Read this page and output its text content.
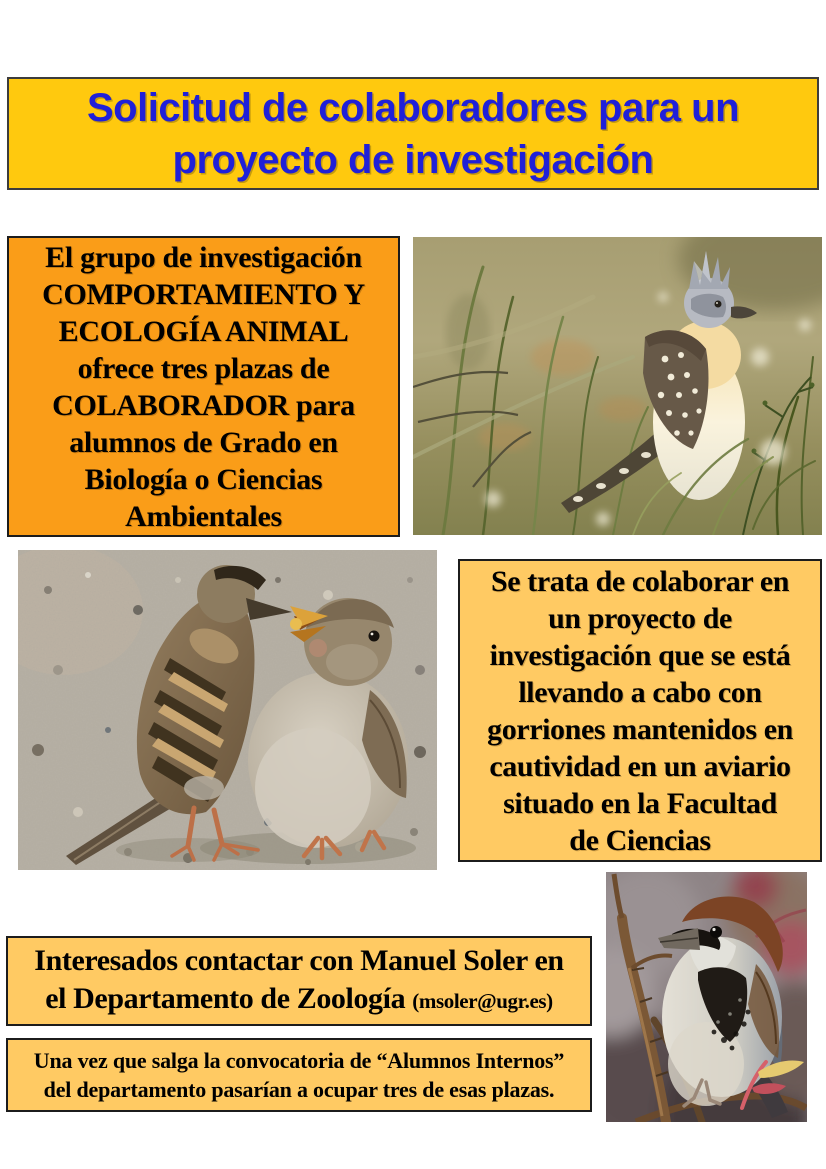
Solicitud de colaboradores para un
proyecto de investigación
El grupo de investigación
COMPORTAMIENTO Y
ECOLOGÍA ANIMAL
ofrece tres plazas de
COLABORADOR para
alumnos de Grado en
Biología o Ciencias
Ambientales
Se trata de colaborar en
un proyecto de
investigación que se está
llevando a cabo con
gorriones mantenidos en
cautividad en un aviario
situado en la Facultad
de Ciencias
Interesados contactar con Manuel Soler en
el Departamento de Zoología (msoler@ugr.es)
Una vez que salga la convocatoria de “Alumnos Internos”
del departamento pasarían a ocupar tres de esas plazas.
